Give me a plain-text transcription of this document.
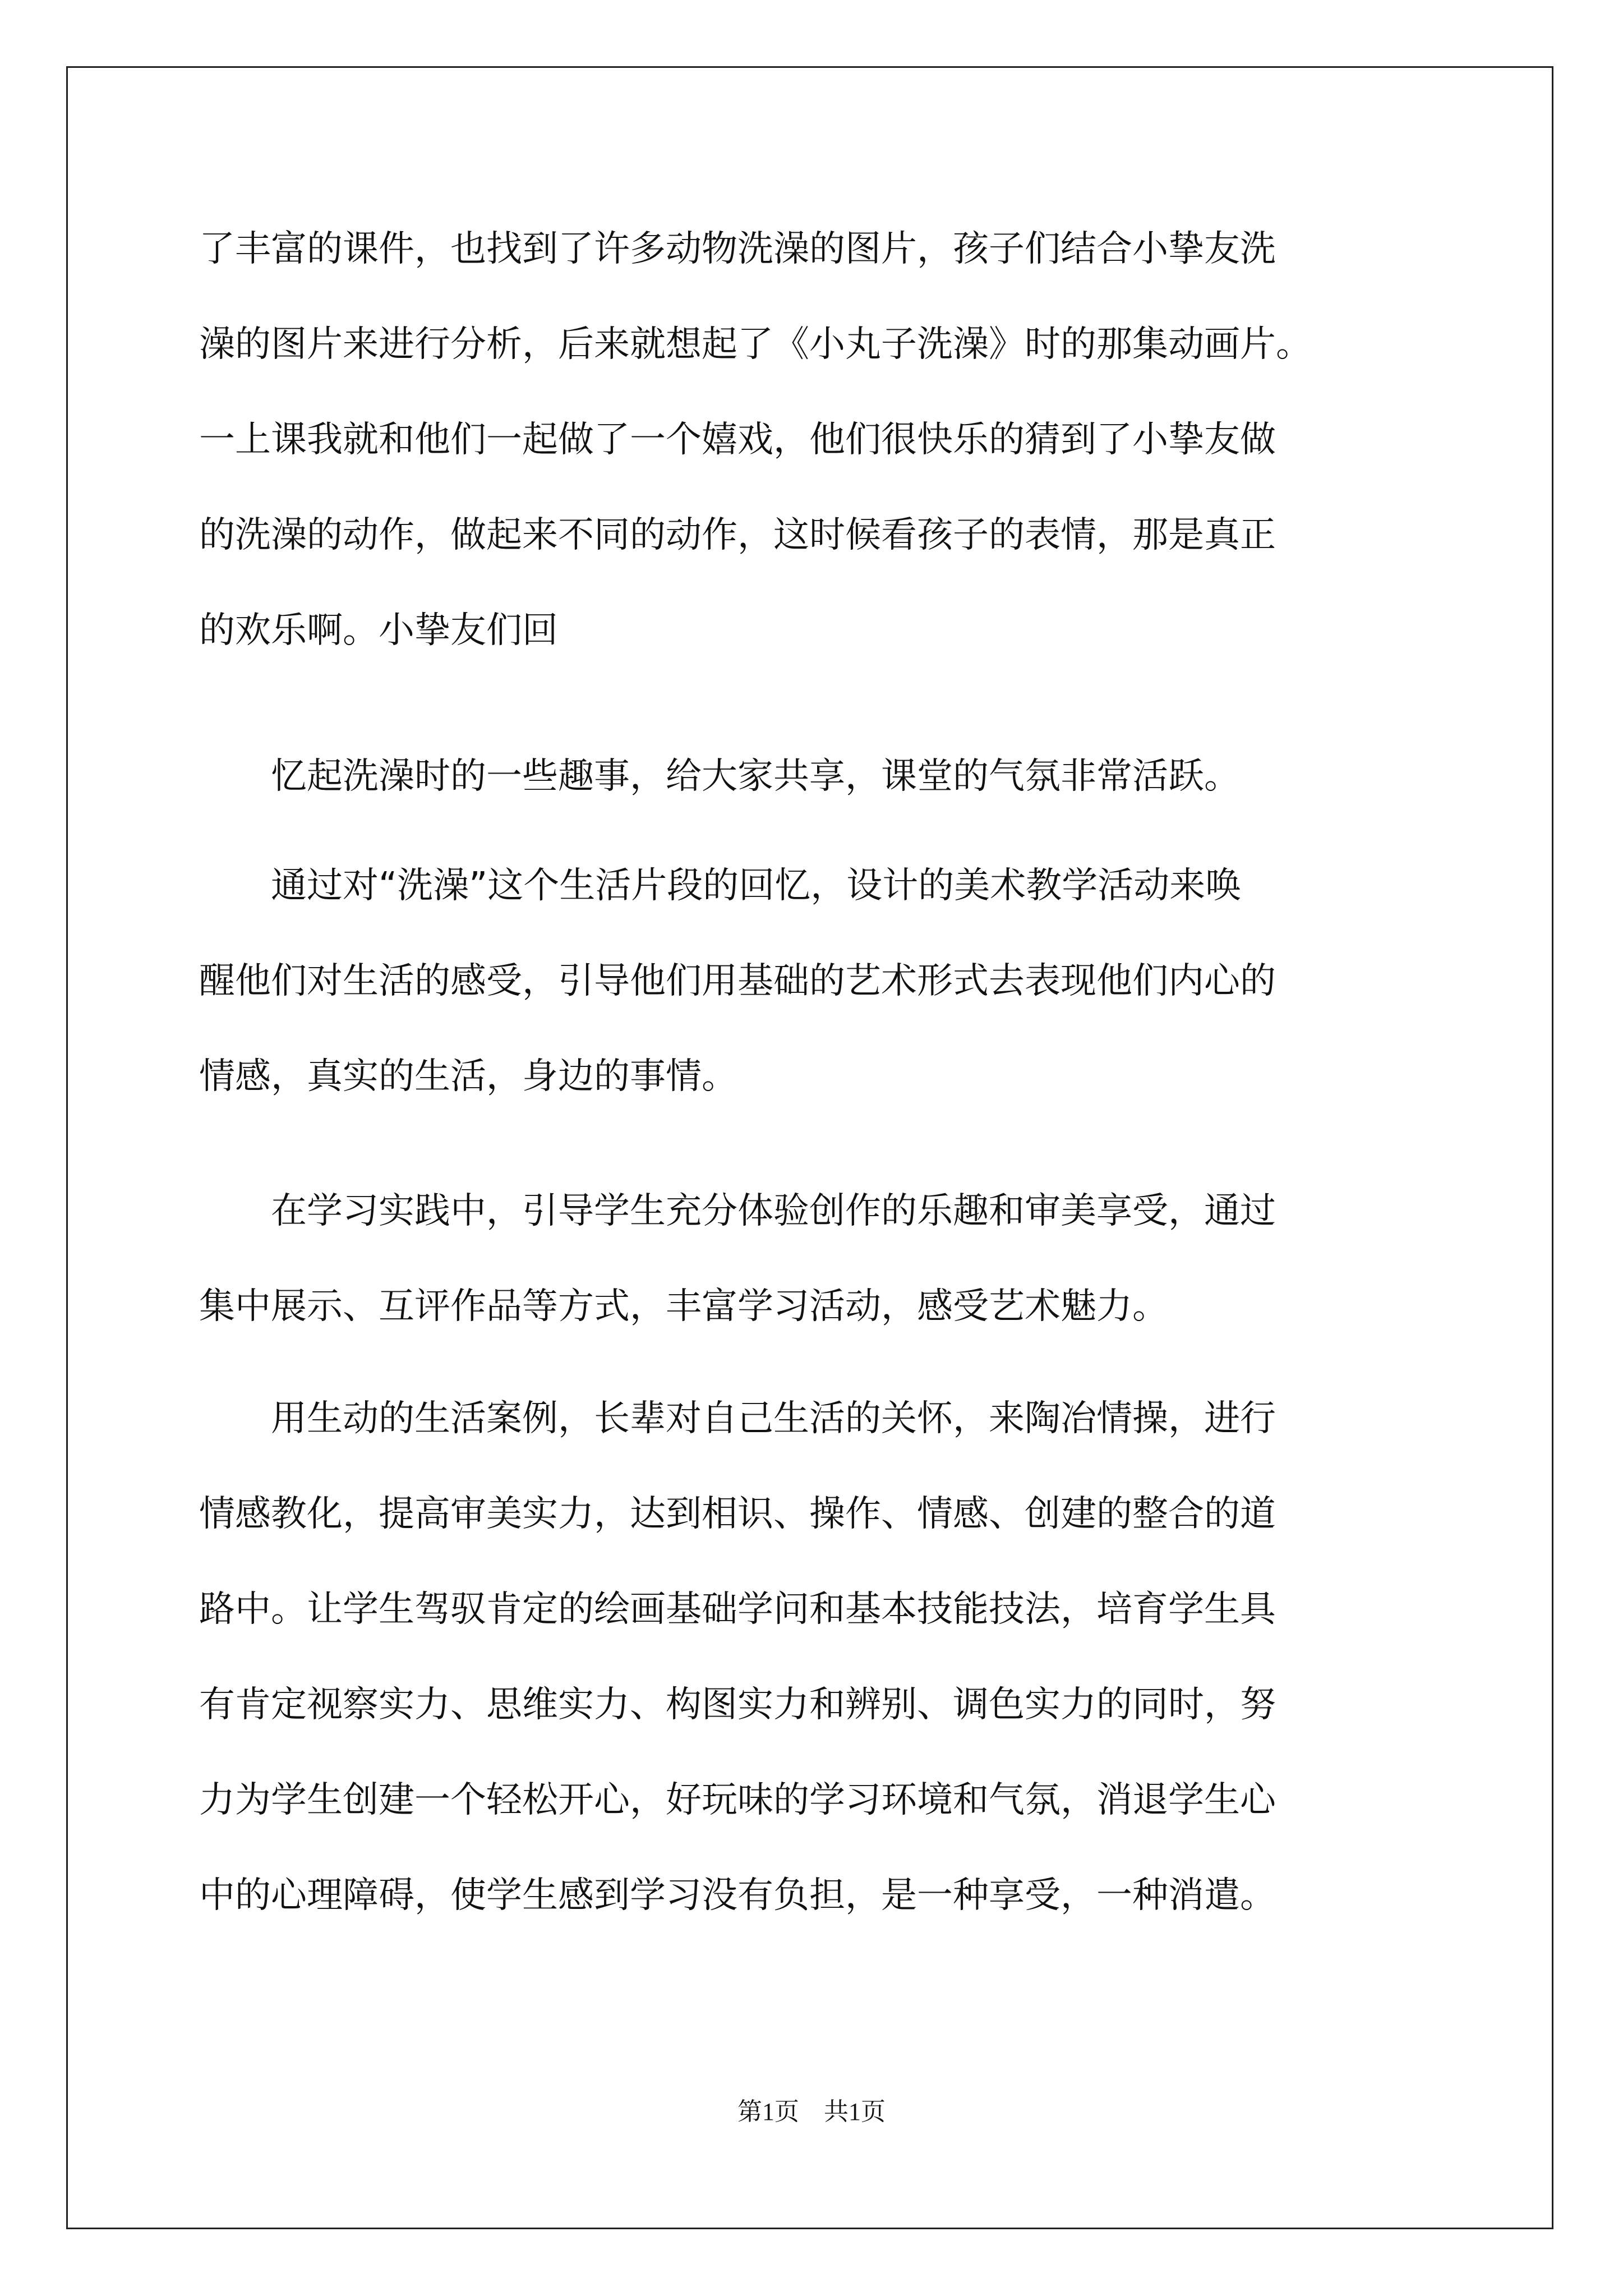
了丰富的课件，也找到了许多动物洗澡的图片，孩子们结合小挚友洗

澡的图片来进行分析，后来就想起了《小丸子洗澡》时的那集动画片。

一上课我就和他们一起做了一个嬉戏，他们很快乐的猜到了小挚友做

的洗澡的动作，做起来不同的动作，这时候看孩子的表情，那是真正

的欢乐啊。小挚友们回

　　忆起洗澡时的一些趣事，给大家共享，课堂的气氛非常活跃。

　　通过对“洗澡”这个生活片段的回忆，设计的美术教学活动来唤

醒他们对生活的感受，引导他们用基础的艺术形式去表现他们内心的

情感，真实的生活，身边的事情。

　　在学习实践中，引导学生充分体验创作的乐趣和审美享受，通过

集中展示、互评作品等方式，丰富学习活动，感受艺术魅力。

　　用生动的生活案例，长辈对自己生活的关怀，来陶冶情操，进行

情感教化，提高审美实力，达到相识、操作、情感、创建的整合的道

路中。让学生驾驭肯定的绘画基础学问和基本技能技法，培育学生具

有肯定视察实力、思维实力、构图实力和辨别、调色实力的同时，努

力为学生创建一个轻松开心，好玩味的学习环境和气氛，消退学生心

中的心理障碍，使学生感到学习没有负担，是一种享受，一种消遣。

第1页　共1页
